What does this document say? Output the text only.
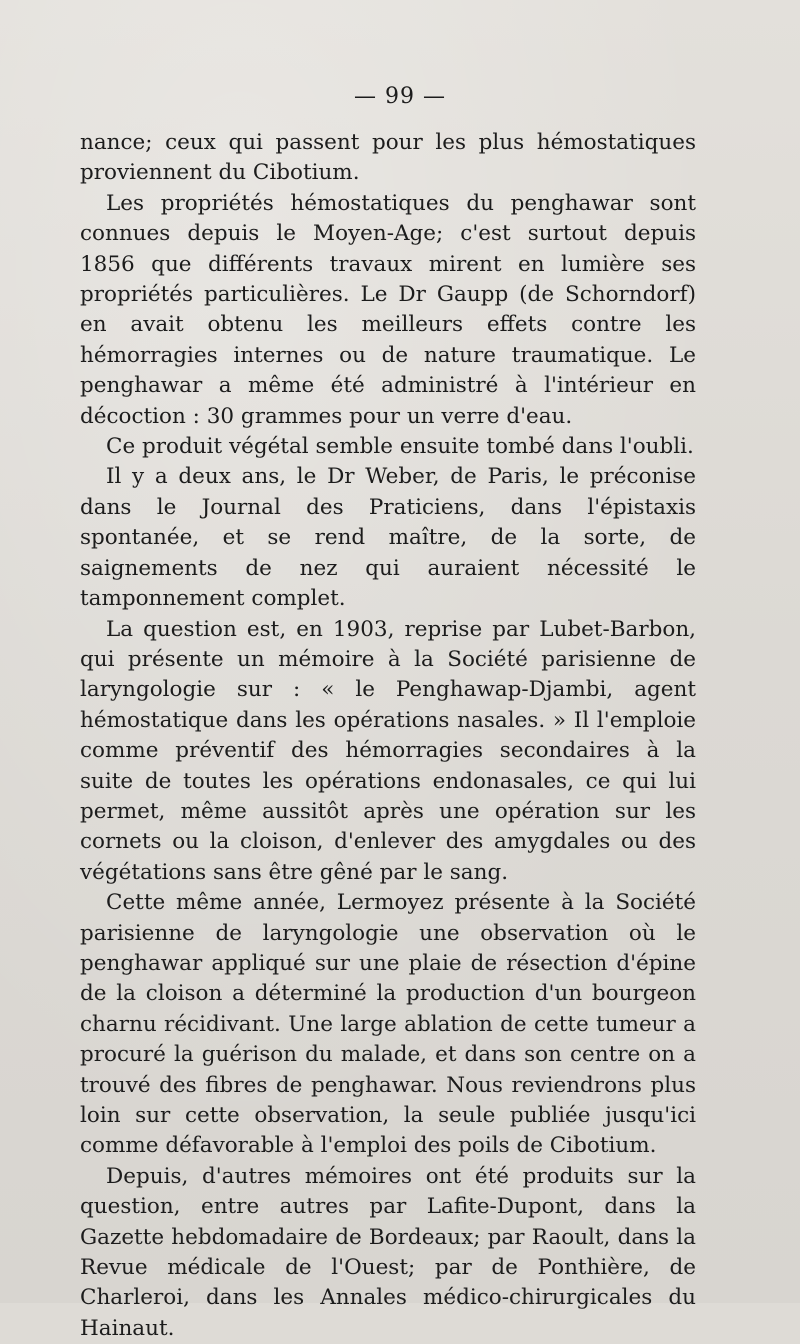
— 99 —

nance; ceux qui passent pour les plus hémostatiques proviennent du Cibotium.

Les propriétés hémostatiques du penghawar sont connues depuis le Moyen-Age; c'est surtout depuis 1856 que différents travaux mirent en lumière ses propriétés particulières. Le Dr Gaupp (de Schorndorf) en avait obtenu les meilleurs effets contre les hémorragies internes ou de nature traumatique. Le penghawar a même été administré à l'intérieur en décoction : 30 grammes pour un verre d'eau.

Ce produit végétal semble ensuite tombé dans l'oubli.

Il y a deux ans, le Dr Weber, de Paris, le préconise dans le Journal des Praticiens, dans l'épistaxis spontanée, et se rend maître, de la sorte, de saignements de nez qui auraient nécessité le tamponnement complet.

La question est, en 1903, reprise par Lubet-Barbon, qui présente un mémoire à la Société parisienne de laryngologie sur : « le Penghawap-Djambi, agent hémostatique dans les opérations nasales. » Il l'emploie comme préventif des hémorragies secondaires à la suite de toutes les opérations endonasales, ce qui lui permet, même aussitôt après une opération sur les cornets ou la cloison, d'enlever des amygdales ou des végétations sans être gêné par le sang.

Cette même année, Lermoyez présente à la Société parisienne de laryngologie une observation où le penghawar appliqué sur une plaie de résection d'épine de la cloison a déterminé la production d'un bourgeon charnu récidivant. Une large ablation de cette tumeur a procuré la guérison du malade, et dans son centre on a trouvé des fibres de penghawar. Nous reviendrons plus loin sur cette observation, la seule publiée jusqu'ici comme défavorable à l'emploi des poils de Cibotium.

Depuis, d'autres mémoires ont été produits sur la question, entre autres par Lafite-Dupont, dans la Gazette hebdomadaire de Bordeaux; par Raoult, dans la Revue médicale de l'Ouest; par de Ponthière, de Charleroi, dans les Annales médico-chirurgicales du Hainaut.
